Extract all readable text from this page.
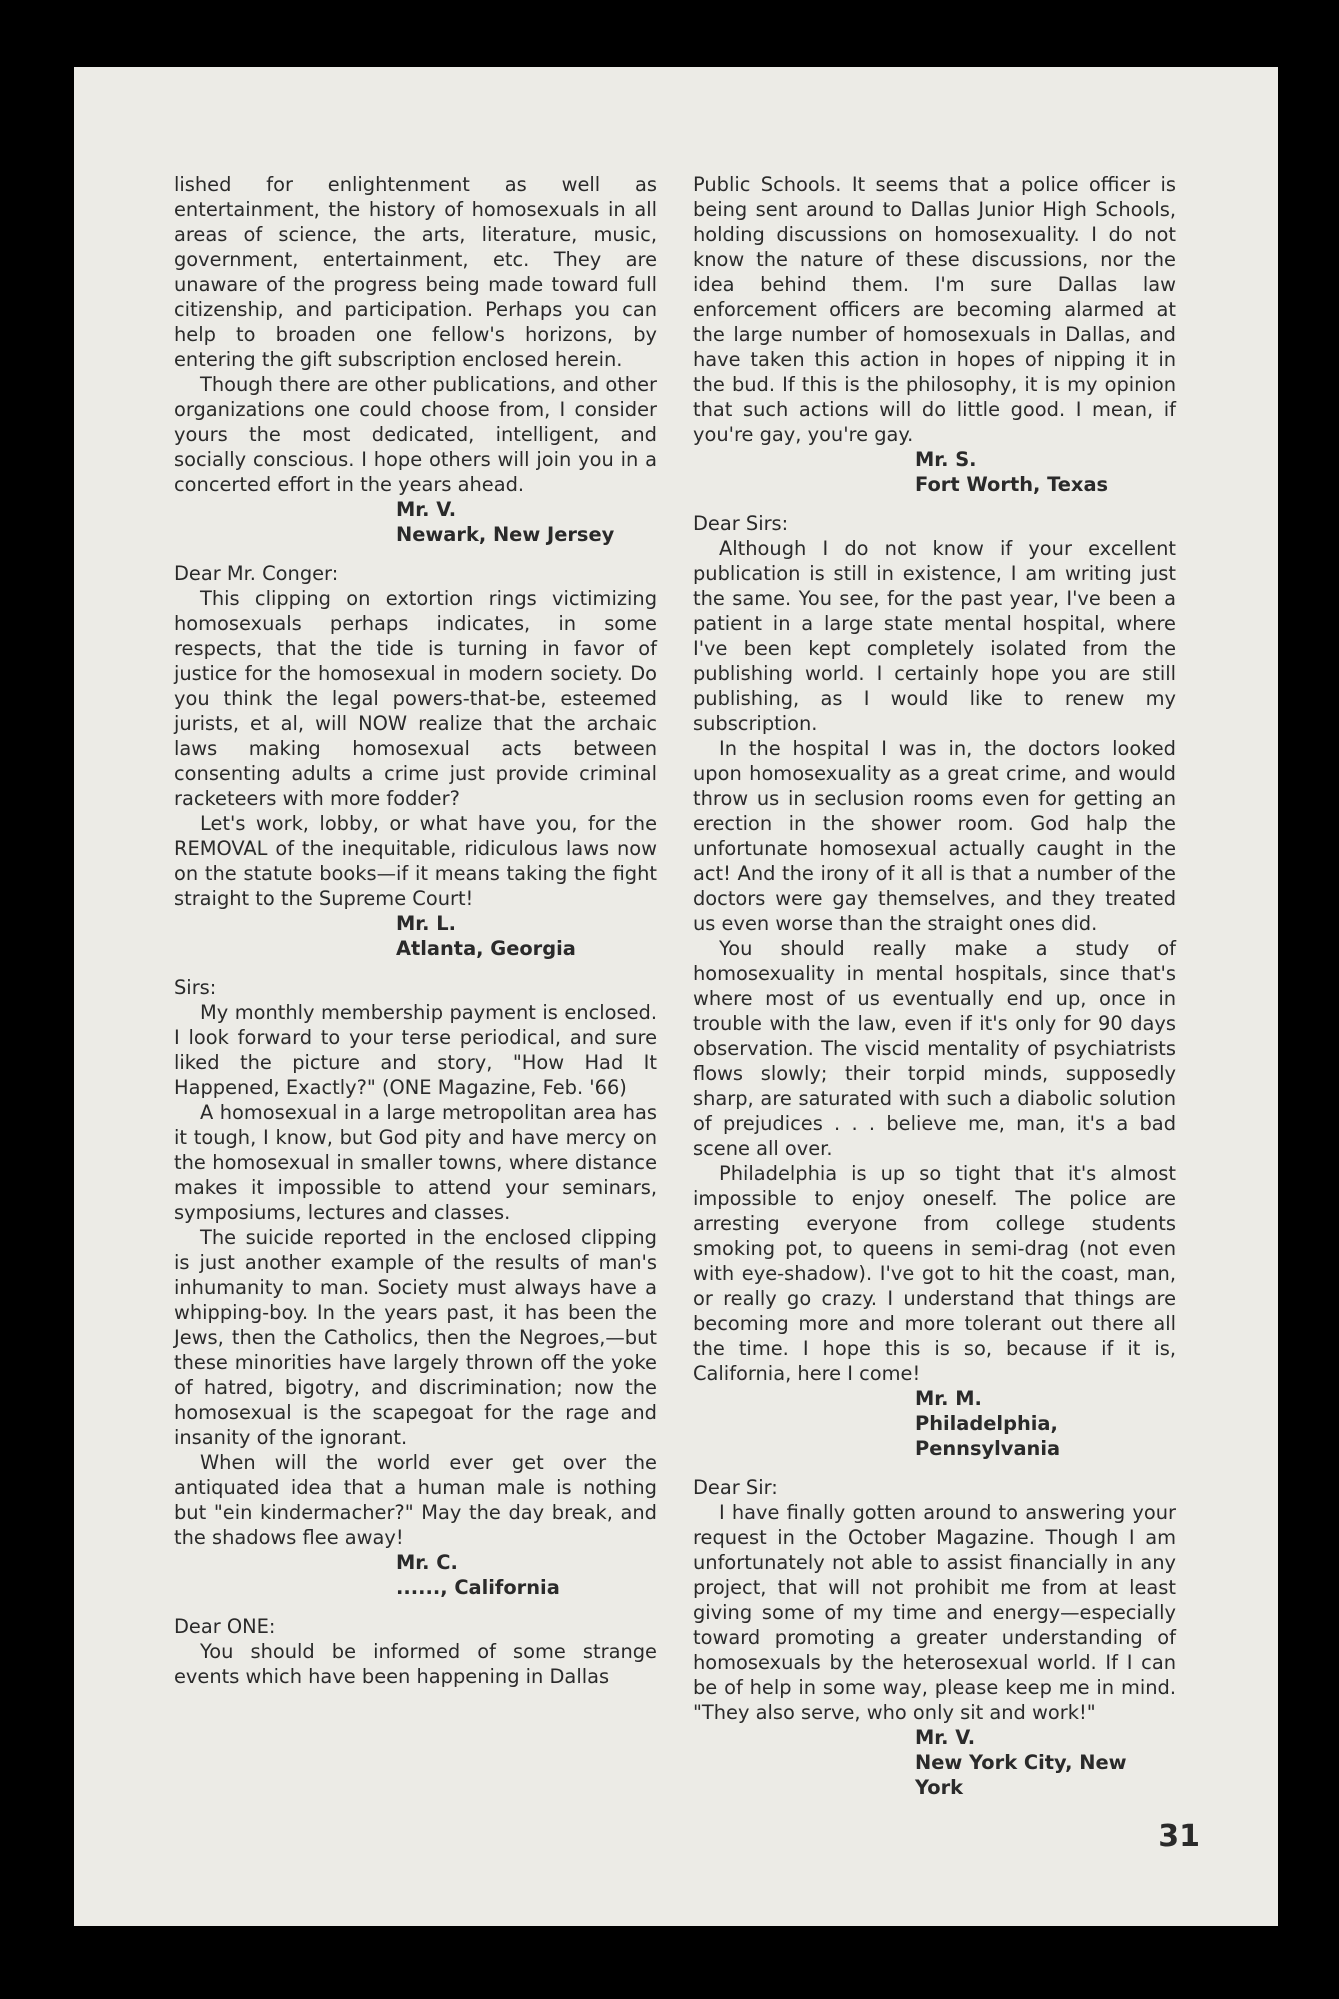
lished for enlightenment as well as entertainment, the history of homosexuals in all areas of science, the arts, literature, music, government, entertainment, etc. They are unaware of the progress being made toward full citizenship, and participation. Perhaps you can help to broaden one fellow's horizons, by entering the gift subscription enclosed herein.

Though there are other publications, and other organizations one could choose from, I consider yours the most dedicated, intelligent, and socially conscious. I hope others will join you in a concerted effort in the years ahead.

Mr. V.
Newark, New Jersey
Dear Mr. Conger:

This clipping on extortion rings victimizing homosexuals perhaps indicates, in some respects, that the tide is turning in favor of justice for the homosexual in modern society. Do you think the legal powers-that-be, esteemed jurists, et al, will NOW realize that the archaic laws making homosexual acts between consenting adults a crime just provide criminal racketeers with more fodder?

Let's work, lobby, or what have you, for the REMOVAL of the inequitable, ridiculous laws now on the statute books—if it means taking the fight straight to the Supreme Court!

Mr. L.
Atlanta, Georgia
Sirs:

My monthly membership payment is enclosed. I look forward to your terse periodical, and sure liked the picture and story, "How Had It Happened, Exactly?" (ONE Magazine, Feb. '66)

A homosexual in a large metropolitan area has it tough, I know, but God pity and have mercy on the homosexual in smaller towns, where distance makes it impossible to attend your seminars, symposiums, lectures and classes.

The suicide reported in the enclosed clipping is just another example of the results of man's inhumanity to man. Society must always have a whipping-boy. In the years past, it has been the Jews, then the Catholics, then the Negroes,—but these minorities have largely thrown off the yoke of hatred, bigotry, and discrimination; now the homosexual is the scapegoat for the rage and insanity of the ignorant.

When will the world ever get over the antiquated idea that a human male is nothing but "ein kindermacher?" May the day break, and the shadows flee away!

Mr. C.
......, California
Dear ONE:

You should be informed of some strange events which have been happening in Dallas

Public Schools. It seems that a police officer is being sent around to Dallas Junior High Schools, holding discussions on homosexuality. I do not know the nature of these discussions, nor the idea behind them. I'm sure Dallas law enforcement officers are becoming alarmed at the large number of homosexuals in Dallas, and have taken this action in hopes of nipping it in the bud. If this is the philosophy, it is my opinion that such actions will do little good. I mean, if you're gay, you're gay.

Mr. S.
Fort Worth, Texas
Dear Sirs:

Although I do not know if your excellent publication is still in existence, I am writing just the same. You see, for the past year, I've been a patient in a large state mental hospital, where I've been kept completely isolated from the publishing world. I certainly hope you are still publishing, as I would like to renew my subscription.

In the hospital I was in, the doctors looked upon homosexuality as a great crime, and would throw us in seclusion rooms even for getting an erection in the shower room. God halp the unfortunate homosexual actually caught in the act! And the irony of it all is that a number of the doctors were gay themselves, and they treated us even worse than the straight ones did.

You should really make a study of homosexuality in mental hospitals, since that's where most of us eventually end up, once in trouble with the law, even if it's only for 90 days observation. The viscid mentality of psychiatrists flows slowly; their torpid minds, supposedly sharp, are saturated with such a diabolic solution of prejudices . . . believe me, man, it's a bad scene all over.

Philadelphia is up so tight that it's almost impossible to enjoy oneself. The police are arresting everyone from college students smoking pot, to queens in semi-drag (not even with eye-shadow). I've got to hit the coast, man, or really go crazy. I understand that things are becoming more and more tolerant out there all the time. I hope this is so, because if it is, California, here I come!

Mr. M.
Philadelphia, Pennsylvania
Dear Sir:

I have finally gotten around to answering your request in the October Magazine. Though I am unfortunately not able to assist financially in any project, that will not prohibit me from at least giving some of my time and energy—especially toward promoting a greater understanding of homosexuals by the heterosexual world. If I can be of help in some way, please keep me in mind. "They also serve, who only sit and work!"

Mr. V.
New York City, New York
31
